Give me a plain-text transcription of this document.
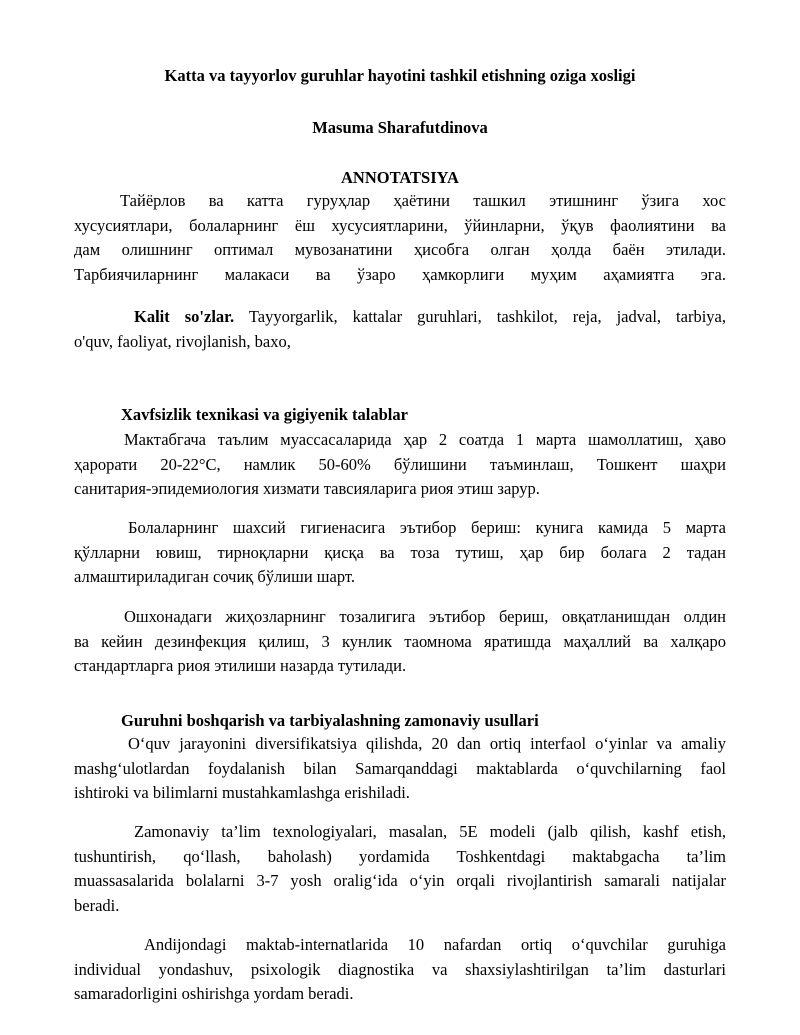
Katta va tayyorlov guruhlar hayotini tashkil etishning oziga xosligi

Masuma Sharafutdinova

ANNOTATSIYA

Тайёрлов ва катта гуруҳлар ҳаётини ташкил этишнинг ўзига хос
хусусиятлари, болаларнинг ёш хусусиятларини, ўйинларни, ўқув фаолиятини ва
дам олишнинг оптимал мувозанатини ҳисобга олган ҳолда баён этилади.
Тарбиячиларнинг малакаси ва ўзаро ҳамкорлиги муҳим аҳамиятга эга.
Kalit so'zlar. Tayyorgarlik, kattalar guruhlari, tashkilot, reja, jadval, tarbiya,
o'quv, faoliyat, rivojlanish, baxo,

Xavfsizlik texnikasi va gigiyenik talablar

Мактабгача таълим муассасаларида ҳар 2 соатда 1 марта шамоллатиш, ҳаво
ҳарорати 20-22°С, намлик 50-60% бўлишини таъминлаш, Тошкент шаҳри
санитария-эпидемиология хизмати тавсияларига риоя этиш зарур.
Болаларнинг шахсий гигиенасига эътибор бериш: кунига камида 5 марта
қўлларни ювиш, тирноқларни қисқа ва тоза тутиш, ҳар бир болага 2 тадан
алмаштириладиган сочиқ бўлиши шарт.
Ошхонадаги жиҳозларнинг тозалигига эътибор бериш, овқатланишдан олдин
ва кейин дезинфекция қилиш, 3 кунлик таомнома яратишда маҳаллий ва халқаро
стандартларга риоя этилиши назарда тутилади.

Guruhni boshqarish va tarbiyalashning zamonaviy usullari

O‘quv jarayonini diversifikatsiya qilishda, 20 dan ortiq interfaol o‘yinlar va amaliy
mashg‘ulotlardan foydalanish bilan Samarqanddagi maktablarda o‘quvchilarning faol
ishtiroki va bilimlarni mustahkamlashga erishiladi.
Zamonaviy ta’lim texnologiyalari, masalan, 5E modeli (jalb qilish, kashf etish,
tushuntirish, qo‘llash, baholash) yordamida Toshkentdagi maktabgacha ta’lim
muassasalarida bolalarni 3-7 yosh oralig‘ida o‘yin orqali rivojlantirish samarali natijalar
beradi.
Andijondagi maktab-internatlarida 10 nafardan ortiq o‘quvchilar guruhiga
individual yondashuv, psixologik diagnostika va shaxsiylashtirilgan ta’lim dasturlari
samaradorligini oshirishga yordam beradi.
